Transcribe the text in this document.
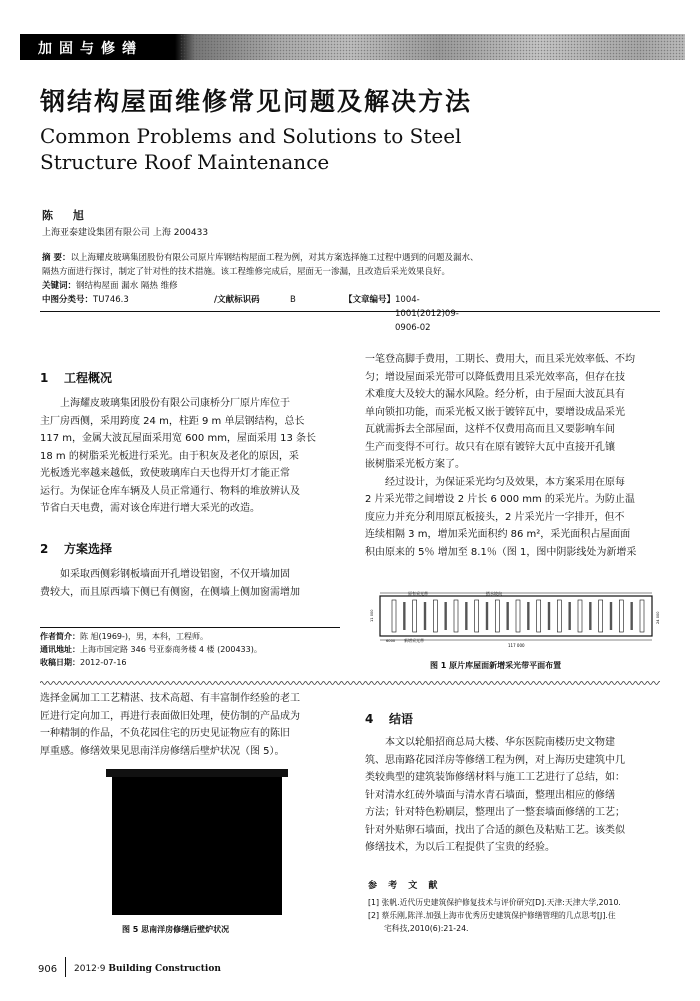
加固与修缮
钢结构屋面维修常见问题及解决方法
Common Problems and Solutions to Steel
Structure Roof Maintenance
陈 旭
上海亚泰建设集团有限公司 上海 200433
摘 要：以上海耀皮玻璃集团股份有限公司原片库钢结构屋面工程为例，对其方案选择施工过程中遇到的问题及漏水、
隔热方面进行探讨，制定了针对性的技术措施。该工程维修完成后，屋面无一渗漏，且改造后采光效果良好。
关键词：钢结构屋面 漏水 隔热 维修
中图分类号： TU746.3	/文献标识码	B	【文章编号】 1004-1001(2012)09-0906-02
1 工程概况
上海耀皮玻璃集团股份有限公司康桥分厂原片库位于
主厂房西侧，采用跨度 24 m，柱距 9 m 单层钢结构，总长
117 m，金属大波瓦屋面采用宽 600 mm，屋面采用 13 条长
18 m 的树脂采光板进行采光。由于积灰及老化的原因，采
光板透光率越来越低，致使玻璃库白天也得开灯才能正常
运行。为保证仓库车辆及人员正常通行、物料的堆放辨认及
节省白天电费，需对该仓库进行增大采光的改造。
2 方案选择
如采取西侧彩钢板墙面开孔增设铝窗，不仅开墙加固
费较大，而且原西墙下侧已有侧窗，在侧墙上侧加窗需增加
一笔登高脚手费用，工期长、费用大，而且采光效率低、不均
匀；增设屋面采光带可以降低费用且采光效率高，但存在技
术难度大及较大的漏水风险。经分析，由于屋面大波瓦具有
单向锁扣功能，而采光板又嵌于镀锌瓦中，要增设成品采光
瓦就需拆去全部屋面，这样不仅费用高而且又要影响车间
生产而变得不可行。故只有在原有镀锌大瓦中直接开孔镶
嵌树脂采光板方案了。
经过设计，为保证采光均匀及效果，本方案采用在原每
2 片采光带之间增设 2 片长 6 000 mm 的采光片。为防止温
度应力并充分利用原瓦板接头，2 片采光片一字排开，但不
连续相隔 3 m，增加采光面积约 86 m²，采光面积占屋面面
积由原来的 5％ 增加至 8.1％（图 1，图中阴影线处为新增采
原有采光带	搭水坡向
新增采光带
6000
117 000
11 000	24 000
图 1 原片库屋面新增采光带平面布置
作者简介：陈 旭(1969-)，男，本科，工程师。
通讯地址：上海市国定路 346 号亚泰商务楼 4 楼 (200433)。
收稿日期：2012-07-16
选择金属加工工艺精湛、技术高超、有丰富制作经验的老工
匠进行定向加工，再进行表面做旧处理，使仿制的产品成为
一种精制的作品，不负花园住宅的历史见证物应有的陈旧
厚重感。修缮效果见思南洋房修缮后壁炉状况（图 5）。
图 5 思南洋房修缮后壁炉状况
4 结语
本文以轮船招商总局大楼、华东医院南楼历史文物建
筑、思南路花园洋房等修缮工程为例，对上海历史建筑中几
类较典型的建筑装饰修缮材料与施工工艺进行了总结，如：
针对清水红砖外墙面与清水青石墙面，整理出相应的修缮
方法；针对特色粉刷层，整理出了一整套墙面修缮的工艺；
针对外贴卵石墙面，找出了合适的颜色及粘贴工艺。该类似
修缮技术，为以后工程提供了宝贵的经验。
参 考 文 献
[1] 张帆.近代历史建筑保护修复技术与评价研究[D].天津:天津大学,2010.
[2] 蔡乐刚,陈洋.加强上海市优秀历史建筑保护修缮管理的几点思考[J].住
宅科技,2010(6):21-24.
906 2012·9 Building Construction
